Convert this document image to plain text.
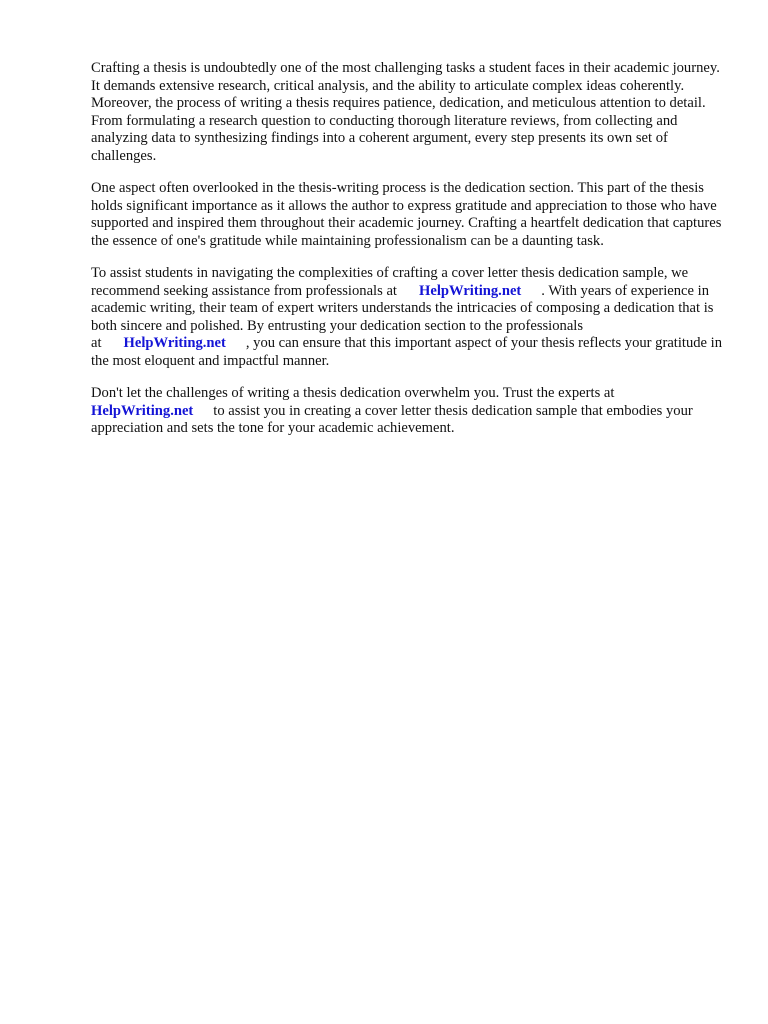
Crafting a thesis is undoubtedly one of the most challenging tasks a student faces in their academic journey. It demands extensive research, critical analysis, and the ability to articulate complex ideas coherently. Moreover, the process of writing a thesis requires patience, dedication, and meticulous attention to detail. From formulating a research question to conducting thorough literature reviews, from collecting and analyzing data to synthesizing findings into a coherent argument, every step presents its own set of challenges.

One aspect often overlooked in the thesis-writing process is the dedication section. This part of the thesis holds significant importance as it allows the author to express gratitude and appreciation to those who have supported and inspired them throughout their academic journey. Crafting a heartfelt dedication that captures the essence of one's gratitude while maintaining professionalism can be a daunting task.

To assist students in navigating the complexities of crafting a cover letter thesis dedication sample, we recommend seeking assistance from professionals at HelpWriting.net . With years of experience in academic writing, their team of expert writers understands the intricacies of composing a dedication that is both sincere and polished. By entrusting your dedication section to the professionals at HelpWriting.net , you can ensure that this important aspect of your thesis reflects your gratitude in the most eloquent and impactful manner.

Don't let the challenges of writing a thesis dedication overwhelm you. Trust the experts at HelpWriting.net to assist you in creating a cover letter thesis dedication sample that embodies your appreciation and sets the tone for your academic achievement.
